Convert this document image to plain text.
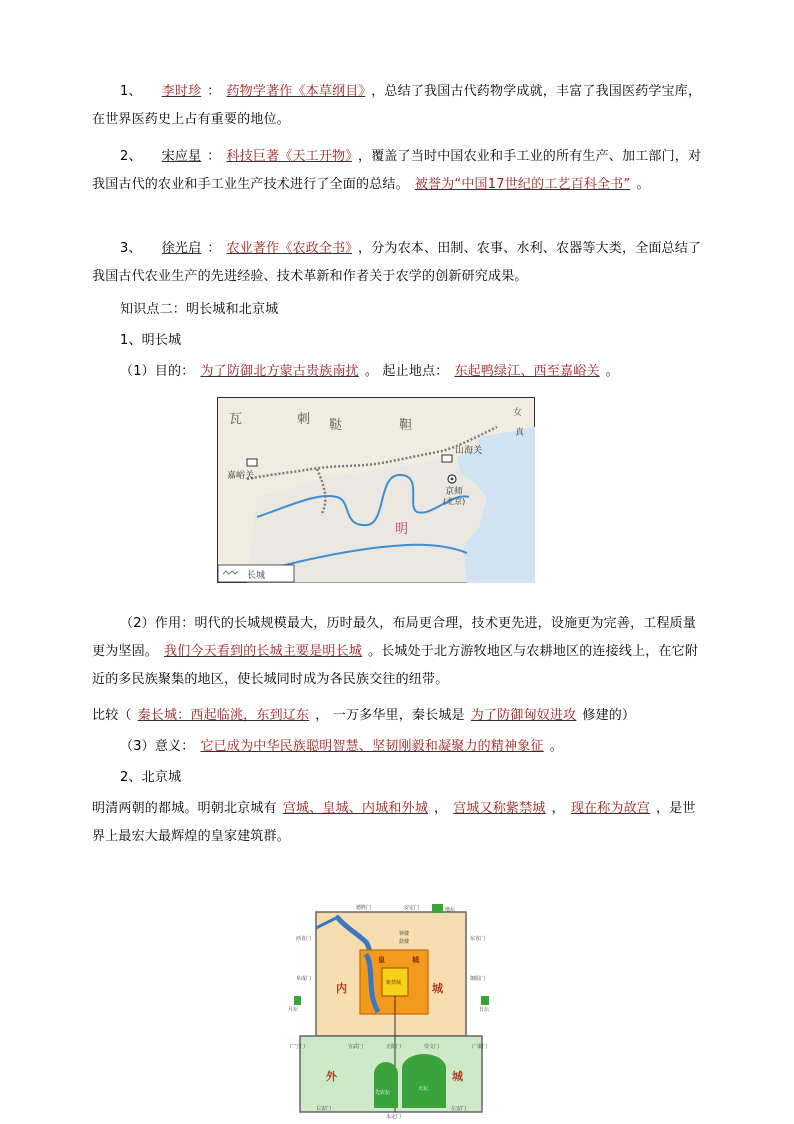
1、 李时珍 ： 药物学著作《本草纲目》 ，总结了我国古代药物学成就，丰富了我国医药学宝库，在世界医药史上占有重要的地位。
2、 宋应星 ： 科技巨著《天工开物》 ，覆盖了当时中国农业和手工业的所有生产、加工部门，对我国古代的农业和手工业生产技术进行了全面的总结。 被誉为“中国17世纪的工艺百科全书” 。
3、 徐光启 ： 农业著作《农政全书》 ，分为农本、田制、农事、水利、农器等大类，全面总结了我国古代农业生产的先进经验、技术革新和作者关于农学的创新研究成果。
知识点二：明长城和北京城
1、明长城
（1）目的： 为了防御北方蒙古贵族南扰 。 起止地点： 东起鸭绿江、西至嘉峪关 。
瓦	刺 鞑	靼
女
真
山海关
嘉峪关
京师
(北京)
明
长城
（2）作用：明代的长城规模最大，历时最久，布局更合理，技术更先进，设施更为完善，工程质量更为坚固。 我们今天看到的长城主要是明长城 。长城处于北方游牧地区与农耕地区的连接线上，在它附近的多民族聚集的地区，使长城同时成为各民族交往的纽带。
比较（ 秦长城：西起临洮，东到辽东 ， 一万多华里，秦长城是 为了防御匈奴进攻 修建的）
（3）意义： 它已成为中华民族聪明智慧、坚韧刚毅和凝聚力的精神象征 。
2、北京城
明清两朝的都城。明朝北京城有 宫城、皇城、内城和外城 ， 宫城又称紫禁城 ， 现在称为故宫 ，是世界上最宏大最辉煌的皇家建筑群。
德胜门	安定门
西直门
阜成门
东直门
朝阳门
宣武门	正阳门	崇文门
广宁门	广渠门
右安门
永定门
左安门
钟楼
鼓楼
地坛
日坛
月坛
先农坛
天坛
紫禁城
内	城
外	城
皇	城
